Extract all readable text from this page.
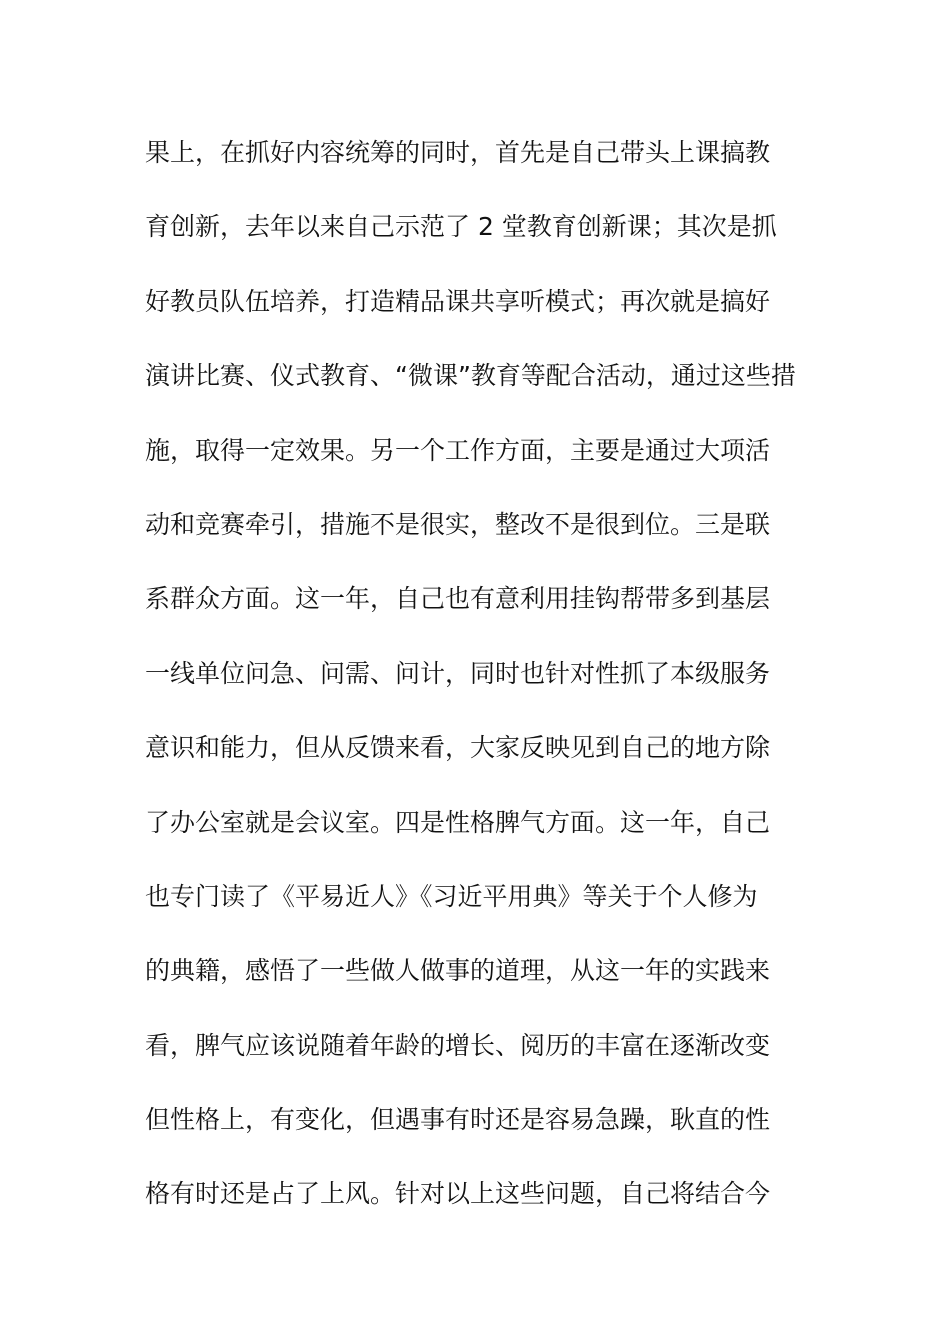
果上，在抓好内容统筹的同时，首先是自己带头上课搞教
育创新，去年以来自己示范了 2 堂教育创新课；其次是抓
好教员队伍培养，打造精品课共享听模式；再次就是搞好
演讲比赛、仪式教育、“微课”教育等配合活动，通过这些措
施，取得一定效果。另一个工作方面，主要是通过大项活
动和竞赛牵引，措施不是很实，整改不是很到位。三是联
系群众方面。这一年，自己也有意利用挂钩帮带多到基层
一线单位问急、问需、问计，同时也针对性抓了本级服务
意识和能力，但从反馈来看，大家反映见到自己的地方除
了办公室就是会议室。四是性格脾气方面。这一年，自己
也专门读了《平易近人》《习近平用典》等关于个人修为
的典籍，感悟了一些做人做事的道理，从这一年的实践来
看，脾气应该说随着年龄的增长、阅历的丰富在逐渐改变
但性格上，有变化，但遇事有时还是容易急躁，耿直的性
格有时还是占了上风。针对以上这些问题，自己将结合今
